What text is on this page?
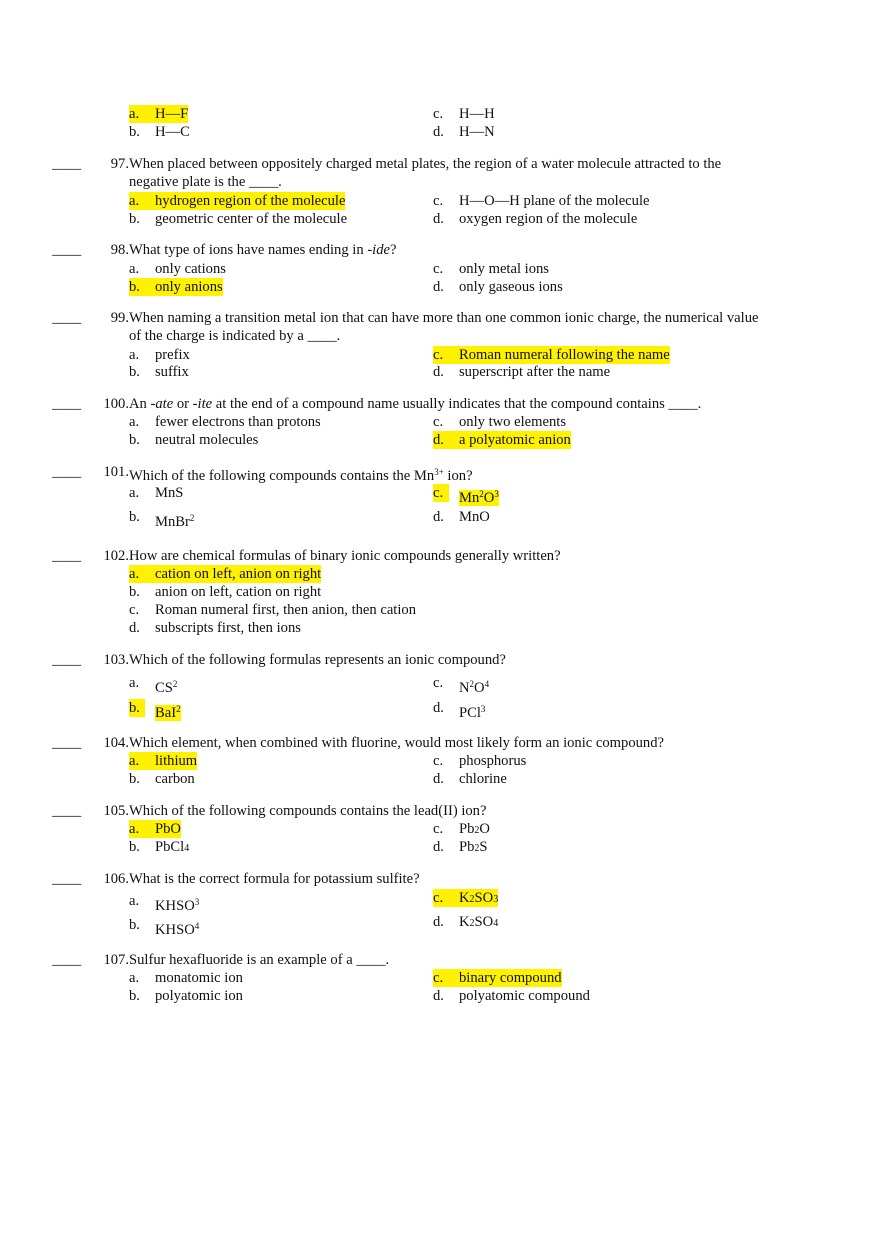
a. H—F
b. H—C
c. H—H
d. H—N
____	97. When placed between oppositely charged metal plates, the region of a water molecule attracted to the
negative plate is the ____.
a. hydrogen region of the molecule
b. geometric center of the molecule
c. H—O—H plane of the molecule
d. oxygen region of the molecule
____	98. What type of ions have names ending in -ide?
a. only cations
b. only anions
c. only metal ions
d. only gaseous ions
____	99. When naming a transition metal ion that can have more than one common ionic charge, the numerical value
of the charge is indicated by a ____.
a. prefix
b. suffix
c. Roman numeral following the name
d. superscript after the name
____	100. An -ate or -ite at the end of a compound name usually indicates that the compound contains ____.
a. fewer electrons than protons
b. neutral molecules
c. only two elements
d. a polyatomic anion
____	101. Which of the following compounds contains the $Mn^{3+}$ ion?
a. MnS
b. MnBr$^2$
c. $Mn^2O^3$
d. MnO
____	102. How are chemical formulas of binary ionic compounds generally written?
a. cation on left, anion on right
b. anion on left, cation on right
c. Roman numeral first, then anion, then cation
d. subscripts first, then ions
____	103. Which of the following formulas represents an ionic compound?
a. $CS^2$
b. BaI$^2$
c. $N^2O^4$
d. PCl$^3$
____	104. Which element, when combined with fluorine, would most likely form an ionic compound?
a. lithium
b. carbon
c. phosphorus
d. chlorine
____	105. Which of the following compounds contains the lead(II) ion?
a. PbO
b. PbCl4
c. Pb2O
d. Pb2S
____	106. What is the correct formula for potassium sulfite?
a. KHSO$^3$
b. KHSO$^4$
c. K2SO3
d. K2SO4
____	107. Sulfur hexafluoride is an example of a ____.
a. monatomic ion
b. polyatomic ion
c. binary compound
d. polyatomic compound
